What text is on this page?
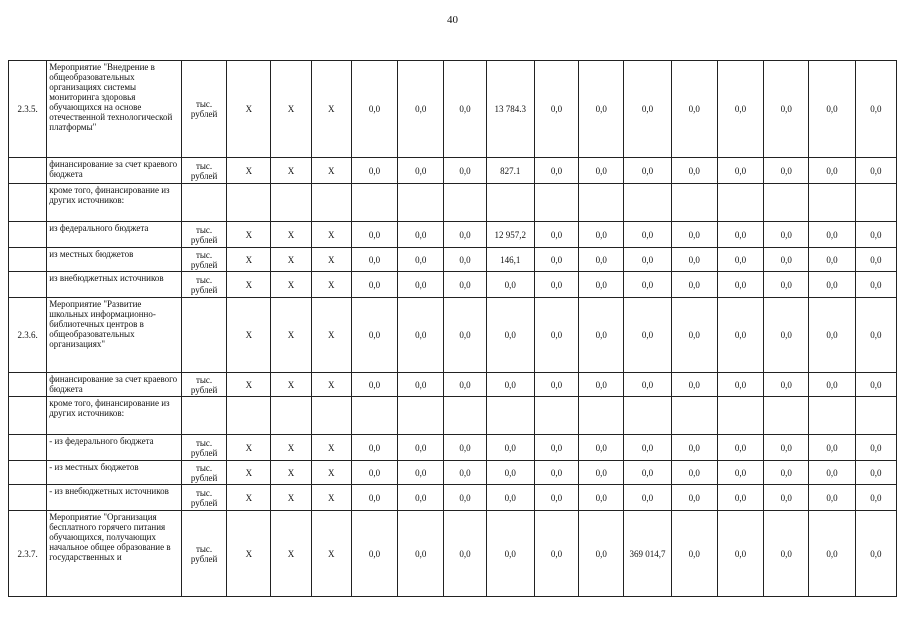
40
2.3.5.	Мероприятие "Внедрение в общеобразовательных организациях системы мониторинга здоровья обучающихся на основе отечественной технологической платформы"	тыс. рублей	X	X	X	0,0	0,0	0,0	13 784.3	0,0	0,0	0,0	0,0	0,0	0,0	0,0	0,0
	финансирование за счет краевого бюджета	тыс. рублей	X	X	X	0,0	0,0	0,0	827.1	0,0	0,0	0,0	0,0	0,0	0,0	0,0	0,0
	кроме того, финансирование из других источников:																
	из федерального бюджета	тыс. рублей	X	X	X	0,0	0,0	0,0	12 957,2	0,0	0,0	0,0	0,0	0,0	0,0	0,0	0,0
	из местных бюджетов	тыс. рублей	X	X	X	0,0	0,0	0,0	146,1	0,0	0,0	0,0	0,0	0,0	0,0	0,0	0,0
	из внебюджетных источников	тыс. рублей	X	X	X	0,0	0,0	0,0	0,0	0,0	0,0	0,0	0,0	0,0	0,0	0,0	0,0
2.3.6.	Мероприятие "Развитие школьных информационно-библиотечных центров в общеобразовательных организациях"		X	X	X	0,0	0,0	0,0	0,0	0,0	0,0	0,0	0,0	0,0	0,0	0,0	0,0
	финансирование за счет краевого бюджета	тыс. рублей	X	X	X	0,0	0,0	0,0	0,0	0,0	0,0	0,0	0,0	0,0	0,0	0,0	0,0
	кроме того, финансирование из других источников:																
	- из федерального бюджета	тыс. рублей	X	X	X	0,0	0,0	0,0	0,0	0,0	0,0	0,0	0,0	0,0	0,0	0,0	0,0
	- из местных бюджетов	тыс. рублей	X	X	X	0,0	0,0	0,0	0,0	0,0	0,0	0,0	0,0	0,0	0,0	0,0	0,0
	- из внебюджетных источников	тыс. рублей	X	X	X	0,0	0,0	0,0	0,0	0,0	0,0	0,0	0,0	0,0	0,0	0,0	0,0
2.3.7.	Мероприятие "Организация бесплатного горячего питания обучающихся, получающих начальное общее образование в государственных и	тыс. рублей	X	X	X	0,0	0,0	0,0	0,0	0,0	0,0	369 014,7	0,0	0,0	0,0	0,0	0,0
